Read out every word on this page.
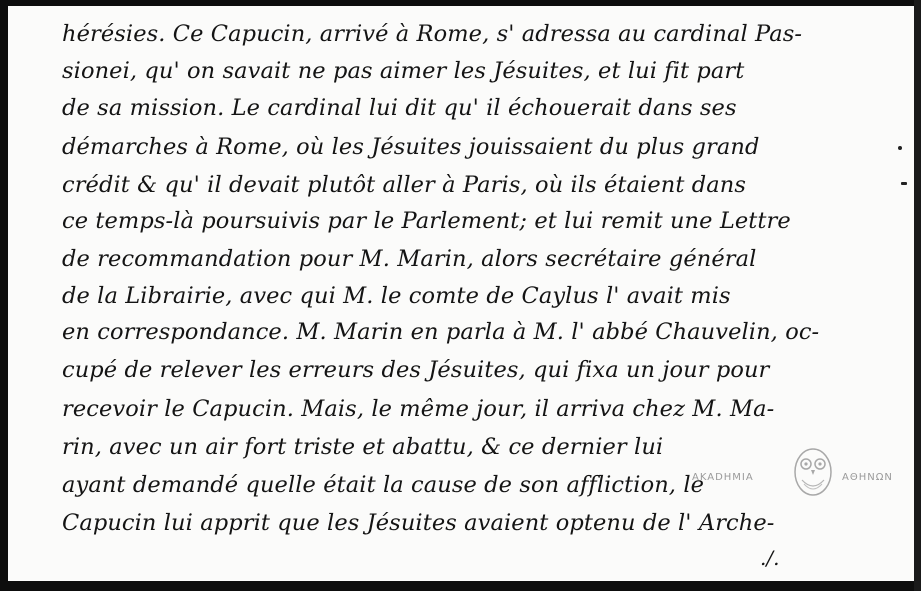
hérésies. Ce Capucin, arrivé à Rome, s' adressa au cardinal Pas-

sionei, qu' on savait ne pas aimer les Jésuites, et lui fit part

de sa mission. Le cardinal lui dit qu' il échouerait dans ses

démarches à Rome, où les Jésuites jouissaient du plus grand

crédit & qu' il devait plutôt aller à Paris, où ils étaient dans

ce temps-là poursuivis par le Parlement; et lui remit une Lettre

de recommandation pour M. Marin, alors secrétaire général

de la Librairie, avec qui M. le comte de Caylus l' avait mis

en correspondance. M. Marin en parla à M. l' abbé Chauvelin, oc-

cupé de relever les erreurs des Jésuites, qui fixa un jour pour

recevoir le Capucin. Mais, le même jour, il arriva chez M. Ma-

rin, avec un air fort triste et abattu, & ce dernier lui

ayant demandé quelle était la cause de son affliction, le

Capucin lui apprit que les Jésuites avaient optenu de l' Arche-

./.
AKADHMIA	AΘHNΩN
